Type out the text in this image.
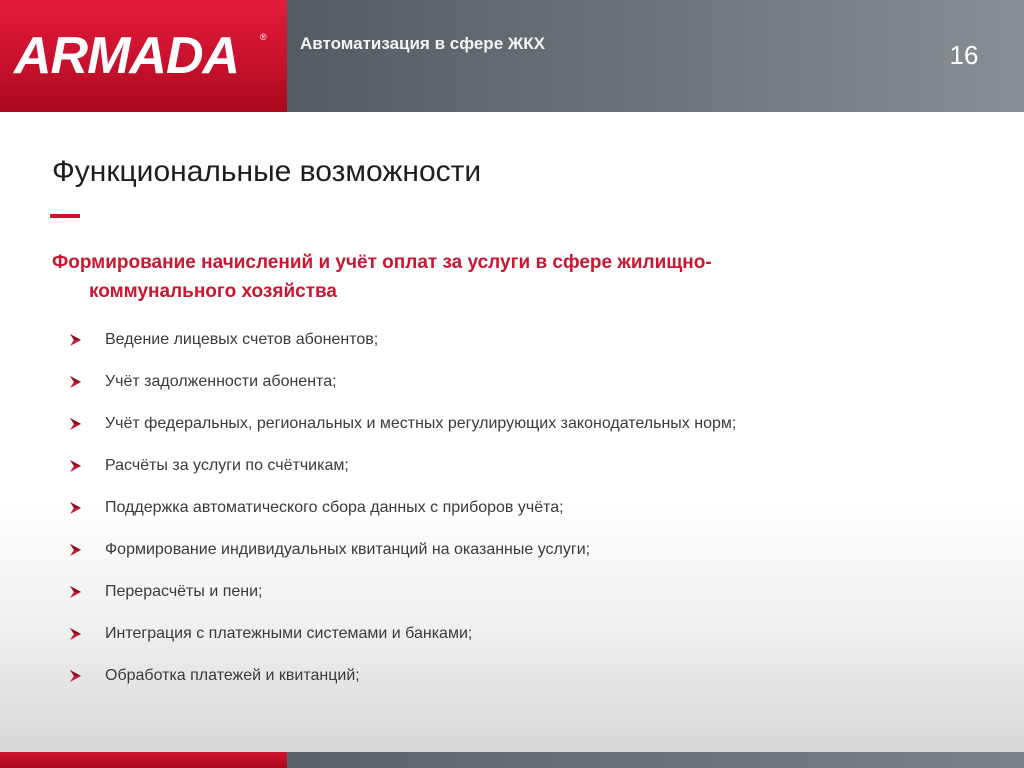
ARMADA ® Автоматизация в сфере ЖКХ	16
Функциональные возможности
Формирование начислений и учёт оплат за услуги в сфере жилищно-
коммунального хозяйства
Ведение лицевых счетов абонентов;
Учёт задолженности абонента;
Учёт федеральных, региональных и местных регулирующих законодательных норм;
Расчёты за услуги по счётчикам;
Поддержка автоматического сбора данных с приборов учёта;
Формирование индивидуальных квитанций на оказанные услуги;
Перерасчёты и пени;
Интеграция с платежными системами и банками;
Обработка платежей и квитанций;
